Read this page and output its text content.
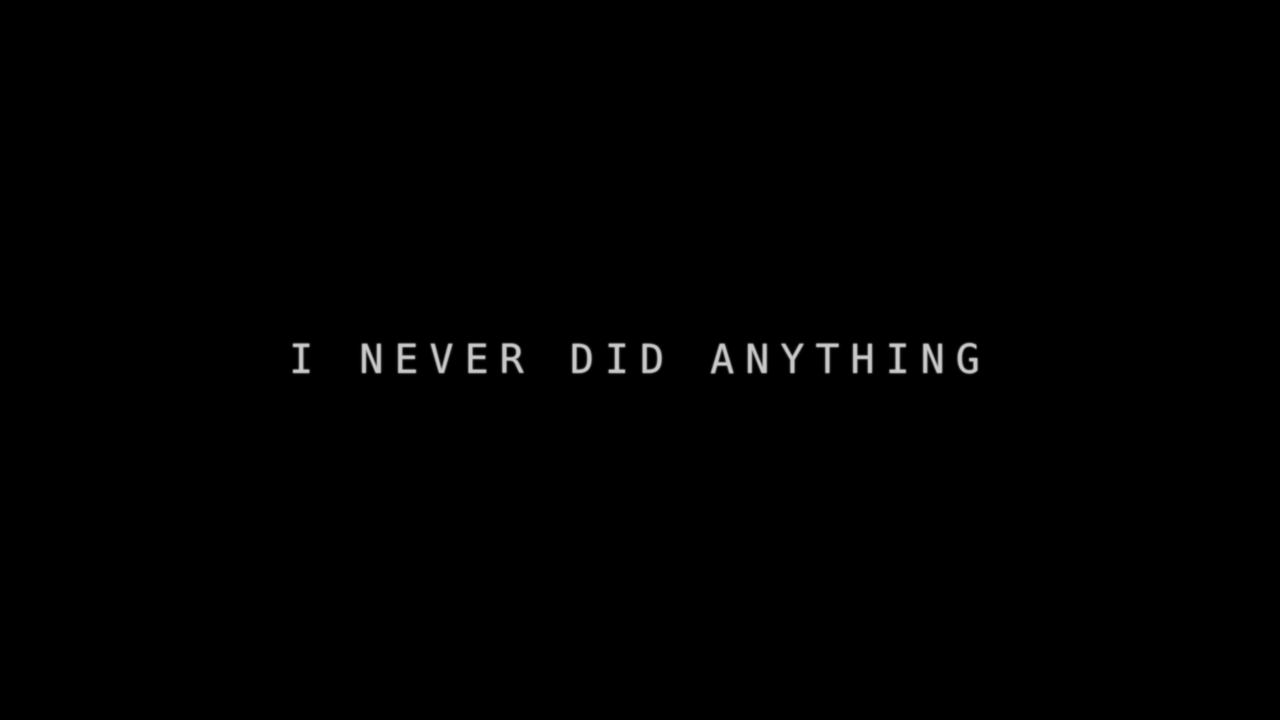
I NEVER DID ANYTHING
